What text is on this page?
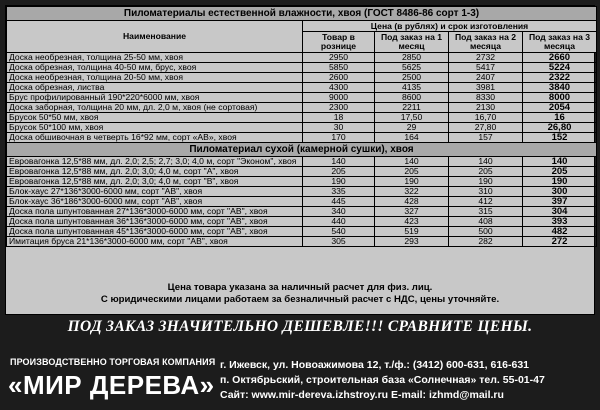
Пиломатериалы естественной влажности, хвоя (ГОСТ 8486-86 сорт 1-3)				
Наименование	Цена (в рублях) и срок изготовления			
	Товар в рознице	Под заказ на 1 месяц	Под заказ на 2 месяца	Под заказ на 3 месяца
Доска необрезная, толщина 25-50 мм, хвоя	2950	2850	2732	2660
Доска обрезная, толщина 40-50 мм, брус, хвоя	5850	5625	5417	5224
Доска необрезная, толщина 20-50 мм, хвоя	2600	2500	2407	2322
Доска обрезная, листва	4300	4135	3981	3840
Брус профилированный 190*220*6000 мм, хвоя	9000	8600	8330	8000
Доска заборная, толщина 20 мм, дл. 2,0 м, хвоя (не сортовая)	2300	2211	2130	2054
Брусок 50*50 мм, хвоя	18	17,50	16,70	16
Брусок 50*100 мм, хвоя	30	29	27,80	26,80
Доска обшивочная в четверть 16*92 мм, сорт «АВ», хвоя	170	164	157	152
Пиломатериал сухой (камерной сушки), хвоя				
Евровагонка 12,5*88 мм, дл. 2,0; 2,5; 2,7; 3,0; 4,0 м, сорт "Эконом", хвоя	140	140	140	140
Евровагонка 12,5*88 мм, дл. 2,0; 3,0; 4,0 м, сорт "А", хвоя	205	205	205	205
Евровагонка 12,5*88 мм, дл. 2,0; 3,0; 4,0 м, сорт "В", хвоя	190	190	190	190
Блок-хаус 27*136*3000-6000 мм, сорт "АВ", хвоя	335	322	310	300
Блок-хаус 36*186*3000-6000 мм, сорт "АВ", хвоя	445	428	412	397
Доска пола шпунтованная 27*136*3000-6000 мм, сорт "АВ", хвоя	340	327	315	304
Доска пола шпунтованная 36*136*3000-6000 мм, сорт "АВ", хвоя	440	423	408	393
Доска пола шпунтованная 45*136*3000-6000 мм, сорт "АВ", хвоя	540	519	500	482
Имитация бруса 21*136*3000-6000 мм, сорт "АВ", хвоя	305	293	282	272
Цена товара указана за наличный расчет для физ. лиц.
С юридическими лицами работаем за безналичный расчет с НДС, цены уточняйте.
ПОД ЗАКАЗ ЗНАЧИТЕЛЬНО ДЕШЕВЛЕ!!! СРАВНИТЕ ЦЕНЫ.
ПРОИЗВОДСТВЕННО ТОРГОВАЯ КОМПАНИЯ
«МИР ДЕРЕВА»
г. Ижевск, ул. Новоажимова 12, т./ф.: (3412) 600-631, 616-631
п. Октябрьский, строительная база «Солнечная» тел. 55-01-47
Сайт: www.mir-dereva.izhstroy.ru E-mail: izhmd@mail.ru
